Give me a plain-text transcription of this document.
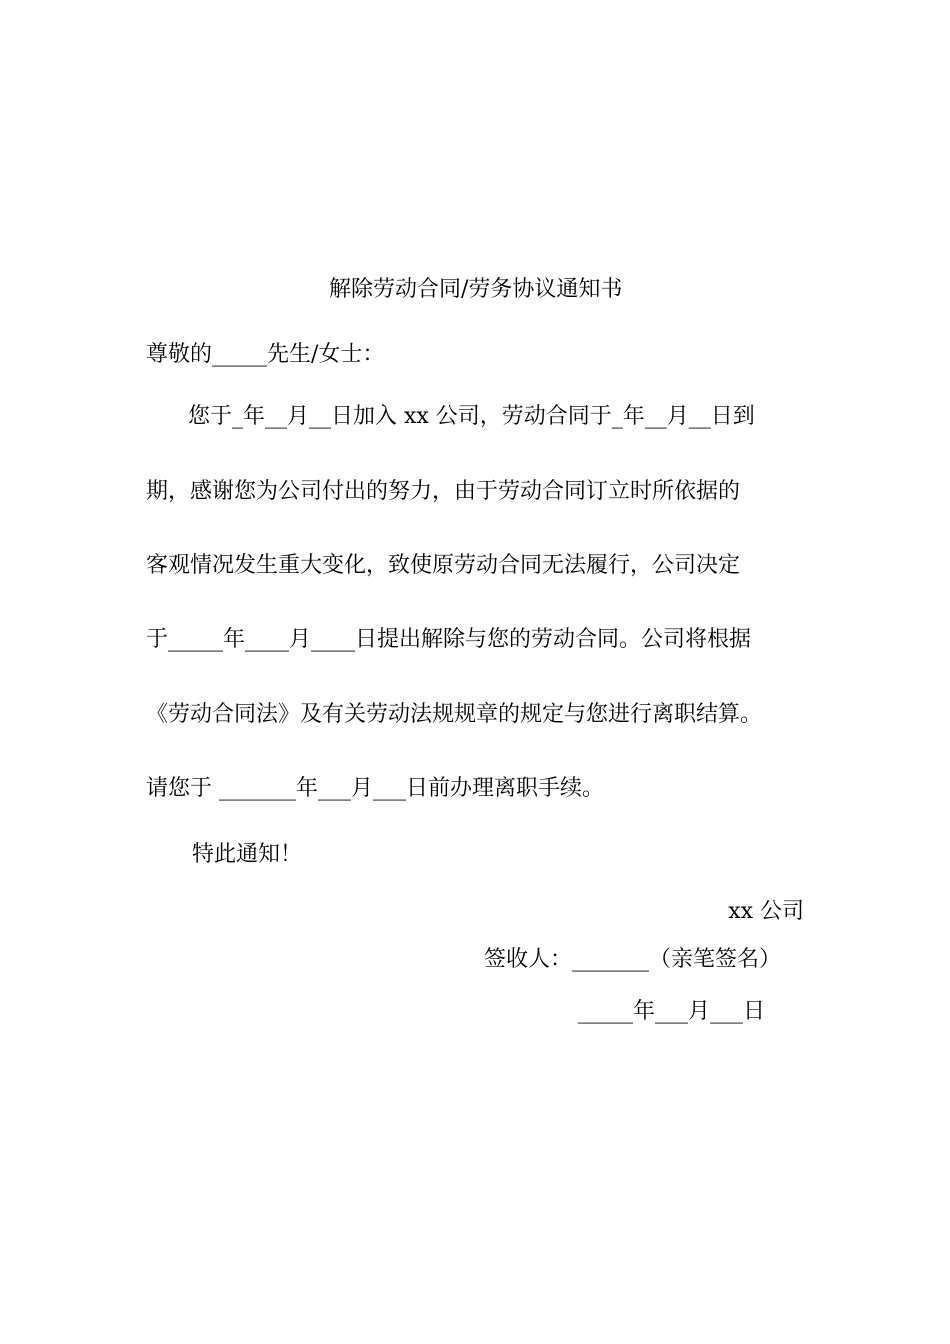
解除劳动合同/劳务协议通知书
尊敬的_____先生/女士：
您于_年__月__日加入 xx 公司，劳动合同于_年__月__日到
期，感谢您为公司付出的努力，由于劳动合同订立时所依据的
客观情况发生重大变化，致使原劳动合同无法履行，公司决定
于_____年____月____日提出解除与您的劳动合同。公司将根据
《劳动合同法》及有关劳动法规规章的规定与您进行离职结算。
请您于 _______年___月___日前办理离职手续。
特此通知！
xx 公司
签收人：_______（亲笔签名）
_____年___月___日
